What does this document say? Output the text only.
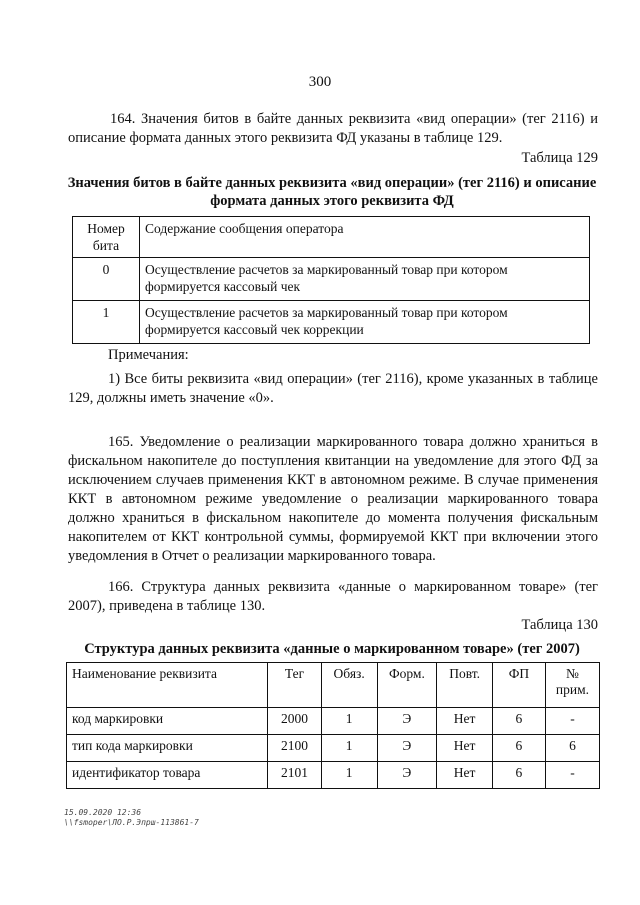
300
164. Значения битов в байте данных реквизита «вид операции» (тег 2116) и описание формата данных этого реквизита ФД указаны в таблице 129.
Таблица 129
Значения битов в байте данных реквизита «вид операции» (тег 2116) и описание формата данных этого реквизита ФД
Номер бита	Содержание сообщения оператора
0	Осуществление расчетов за маркированный товар при котором формируется кассовый чек
1	Осуществление расчетов за маркированный товар при котором формируется кассовый чек коррекции
Примечания:
1) Все биты реквизита «вид операции» (тег 2116), кроме указанных в таблице 129, должны иметь значение «0».
165. Уведомление о реализации маркированного товара должно храниться в фискальном накопителе до поступления квитанции на уведомление для этого ФД за исключением случаев применения ККТ в автономном режиме. В случае применения ККТ в автономном режиме уведомление о реализации маркированного товара должно храниться в фискальном накопителе до момента получения фискальным накопителем от ККТ контрольной суммы, формируемой ККТ при включении этого уведомления в Отчет о реализации маркированного товара.
166. Структура данных реквизита «данные о маркированном товаре» (тег 2007), приведена в таблице 130.
Таблица 130
Структура данных реквизита «данные о маркированном товаре» (тег 2007)
Наименование реквизита	Тег	Обяз.	Форм.	Повт.	ФП	№ прим.
код маркировки	2000	1	Э	Нет	6	-
тип кода маркировки	2100	1	Э	Нет	6	6
идентификатор товара	2101	1	Э	Нет	6	-
15.09.2020 12:36
\\fsmoper\ЛО.Р.Эпрш-113861-7
